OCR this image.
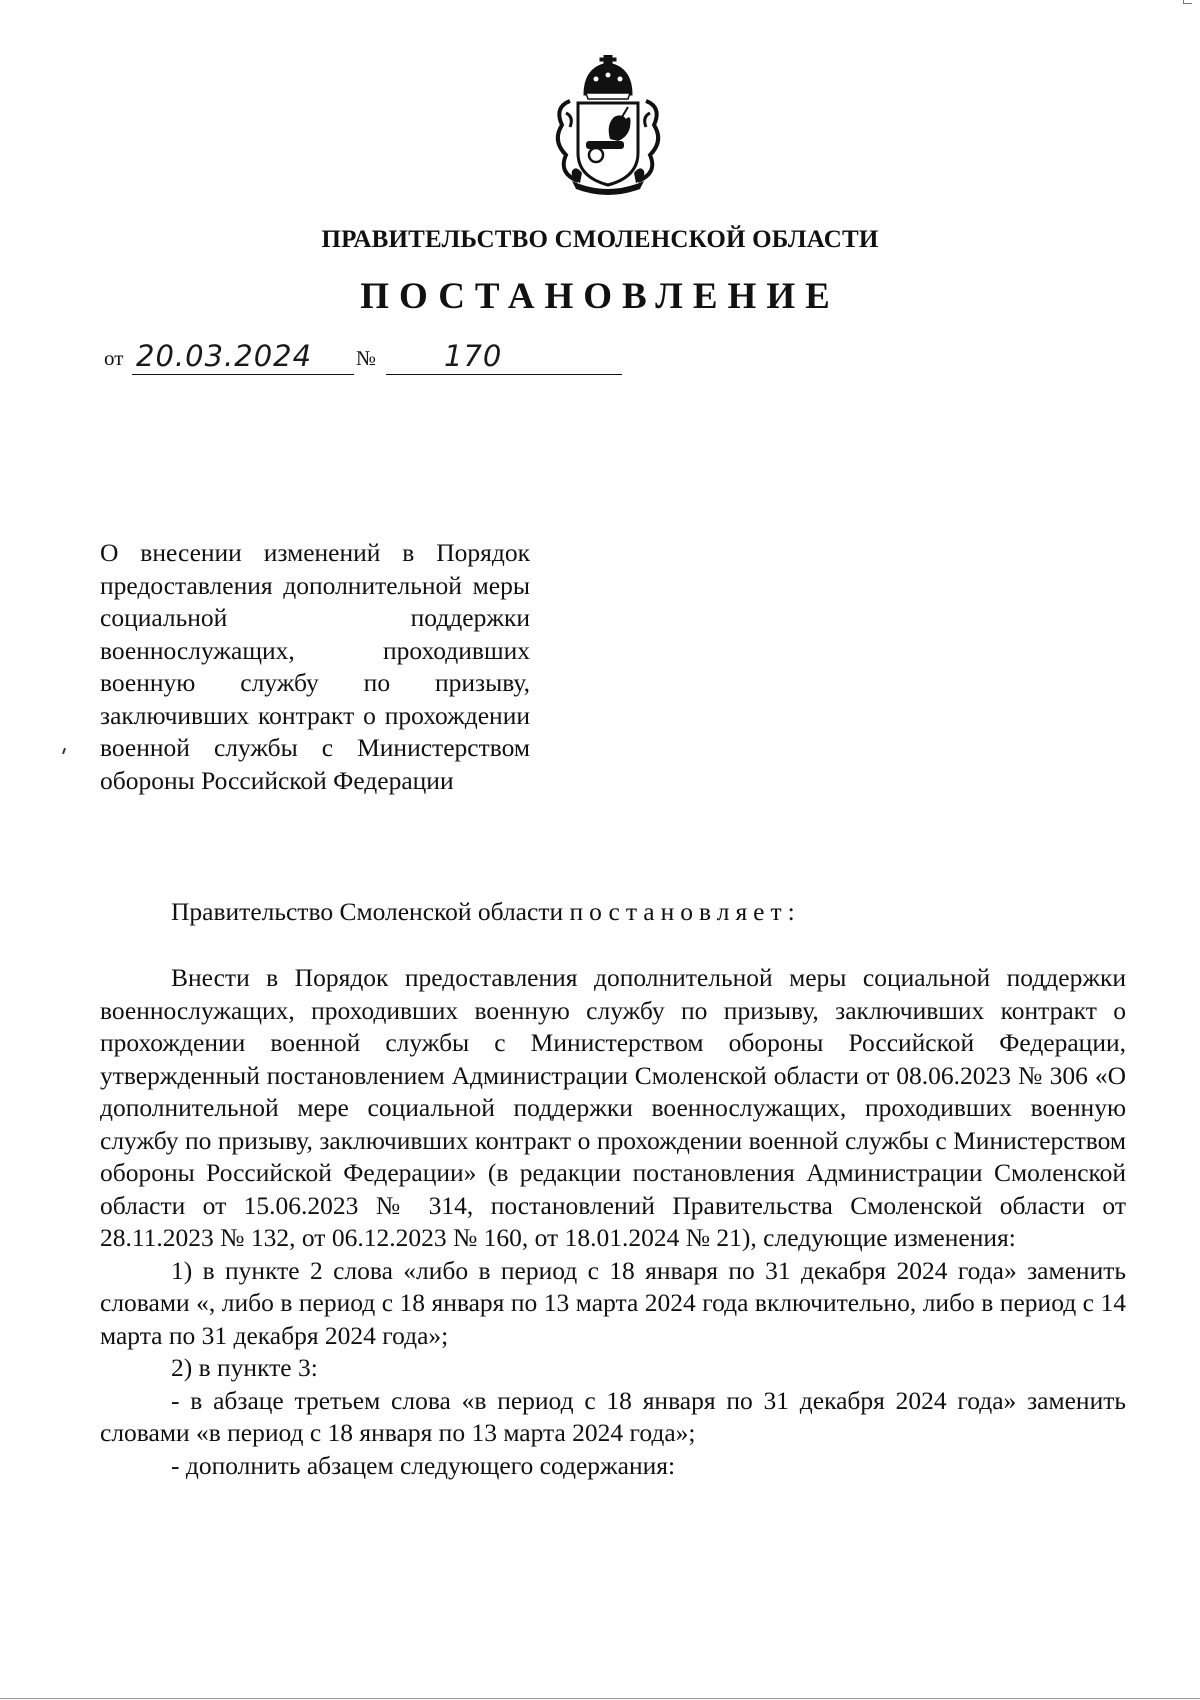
ПРАВИТЕЛЬСТВО СМОЛЕНСКОЙ ОБЛАСТИ
ПОСТАНОВЛЕНИЕ
от 20.03.2024 № 170
О внесении изменений в Порядок предоставления дополнительной меры социальной поддержки военнослужащих, проходивших военную службу по призыву, заключивших контракт о прохождении военной службы с Министерством обороны Российской Федерации
Правительство Смоленской области постановляет:

Внести в Порядок предоставления дополнительной меры социальной поддержки военнослужащих, проходивших военную службу по призыву, заключивших контракт о прохождении военной службы с Министерством обороны Российской Федерации, утвержденный постановлением Администрации Смоленской области от 08.06.2023 № 306 «О дополнительной мере социальной поддержки военнослужащих, проходивших военную службу по призыву, заключивших контракт о прохождении военной службы с Министерством обороны Российской Федерации» (в редакции постановления Администрации Смоленской области от 15.06.2023 № 314, постановлений Правительства Смоленской области от 28.11.2023 № 132, от 06.12.2023 № 160, от 18.01.2024 № 21), следующие изменения:

1) в пункте 2 слова «либо в период с 18 января по 31 декабря 2024 года» заменить словами «, либо в период с 18 января по 13 марта 2024 года включительно, либо в период с 14 марта по 31 декабря 2024 года»;

2) в пункте 3:

- в абзаце третьем слова «в период с 18 января по 31 декабря 2024 года» заменить словами «в период с 18 января по 13 марта 2024 года»;

- дополнить абзацем следующего содержания:
